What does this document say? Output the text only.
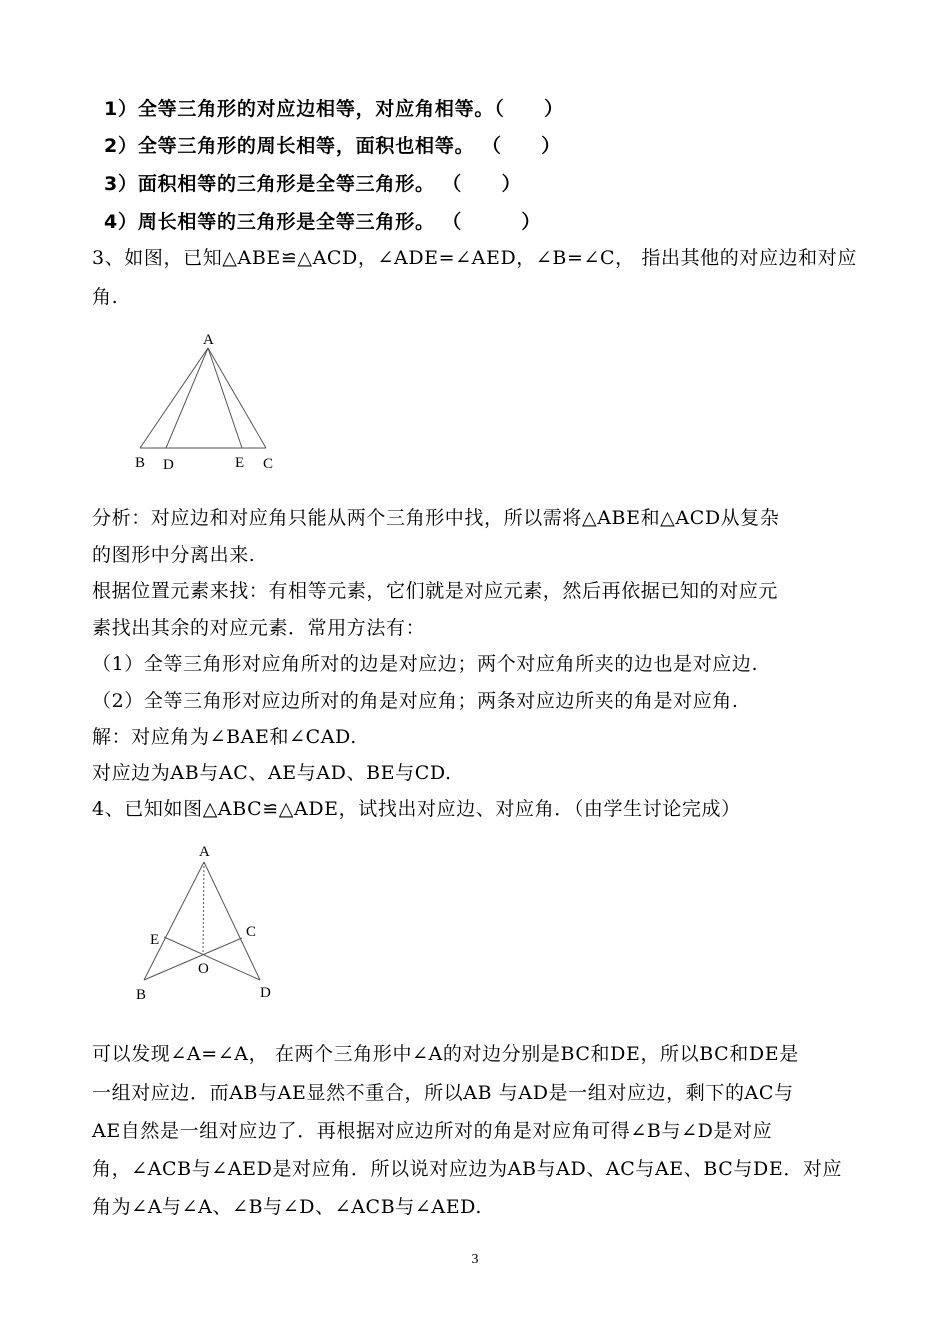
1）全等三角形的对应边相等，对应角相等。（　　）
2）全等三角形的周长相等，面积也相等。 （　　）
3）面积相等的三角形是全等三角形。 （　　）
4）周长相等的三角形是全等三角形。 （　　　）
3、如图，已知△ABE≌△ACD，∠ADE=∠AED，∠B=∠C， 指出其他的对应边和对应
角.
A
B D	E C
分析：对应边和对应角只能从两个三角形中找，所以需将△ABE和△ACD从复杂
的图形中分离出来.
根据位置元素来找：有相等元素，它们就是对应元素，然后再依据已知的对应元
素找出其余的对应元素．常用方法有：
（1）全等三角形对应角所对的边是对应边；两个对应角所夹的边也是对应边.
（2）全等三角形对应边所对的角是对应角；两条对应边所夹的角是对应角.
解：对应角为∠BAE和∠CAD.
对应边为AB与AC、AE与AD、BE与CD.
4、已知如图△ABC≌△ADE，试找出对应边、对应角．（由学生讨论完成）
A
E	C
O
B	D
可以发现∠A=∠A， 在两个三角形中∠A的对边分别是BC和DE，所以BC和DE是
一组对应边．而AB与AE显然不重合，所以AB 与AD是一组对应边，剩下的AC与
AE自然是一组对应边了．再根据对应边所对的角是对应角可得∠B与∠D是对应
角，∠ACB与∠AED是对应角．所以说对应边为AB与AD、AC与AE、BC与DE．对应
角为∠A与∠A、∠B与∠D、∠ACB与∠AED.
3
